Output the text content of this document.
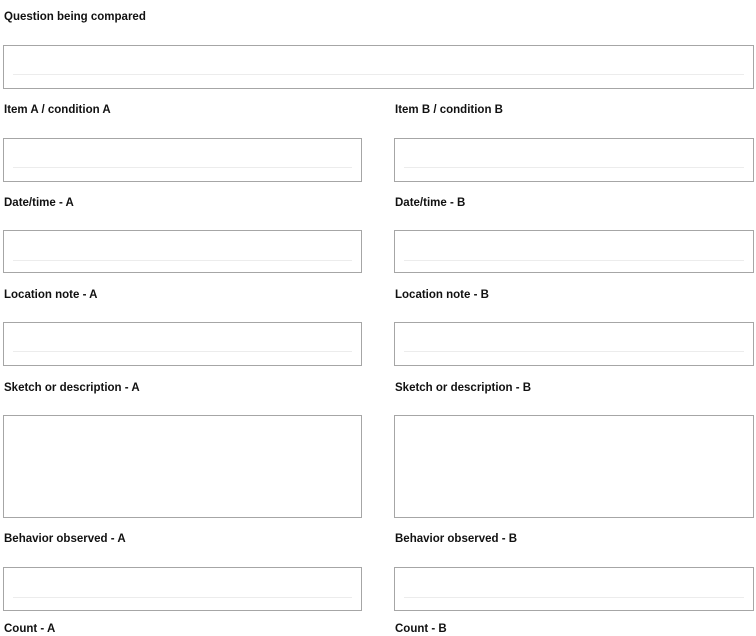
Question being compared
Item A / condition A	Item B / condition B
Date/time - A	Date/time - B
Location note - A	Location note - B
Sketch or description - A	Sketch or description - B
Behavior observed - A	Behavior observed - B
Count - A	Count - B
